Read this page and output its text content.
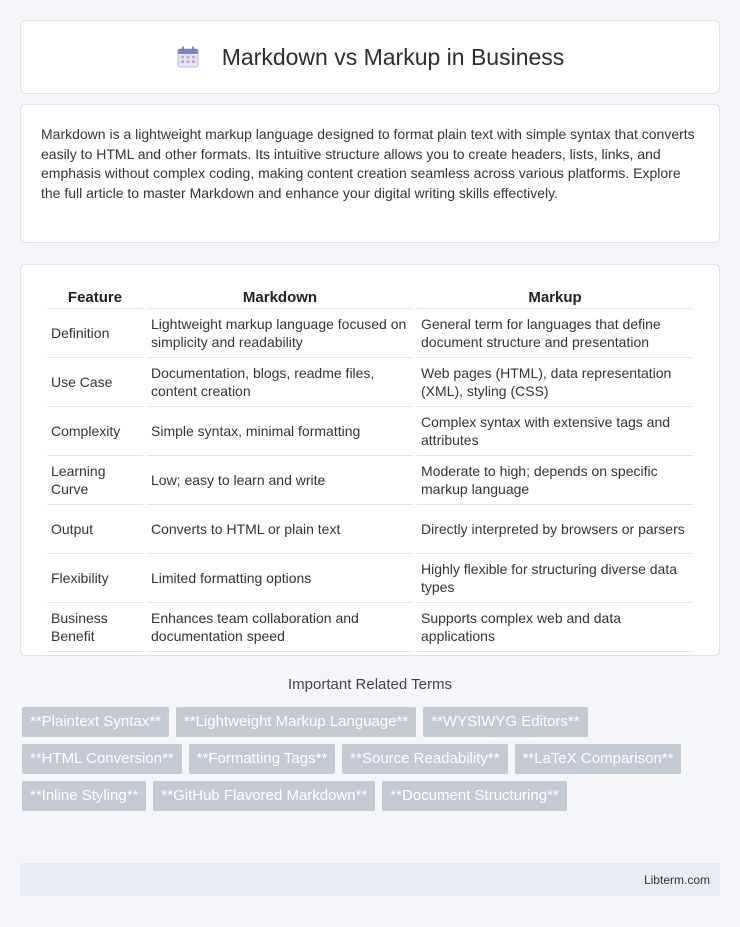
Markdown vs Markup in Business

Markdown is a lightweight markup language designed to format plain text with simple syntax that converts easily to HTML and other formats. Its intuitive structure allows you to create headers, lists, links, and emphasis without complex coding, making content creation seamless across various platforms. Explore the full article to master Markdown and enhance your digital writing skills effectively.

Feature	Markdown	Markup
Definition	Lightweight markup language focused on simplicity and readability	General term for languages that define document structure and presentation
Use Case	Documentation, blogs, readme files, content creation	Web pages (HTML), data representation (XML), styling (CSS)
Complexity	Simple syntax, minimal formatting	Complex syntax with extensive tags and attributes
Learning Curve	Low; easy to learn and write	Moderate to high; depends on specific markup language
Output	Converts to HTML or plain text	Directly interpreted by browsers or parsers
Flexibility	Limited formatting options	Highly flexible for structuring diverse data types
Business Benefit	Enhances team collaboration and documentation speed	Supports complex web and data applications
Important Related Terms
**Plaintext Syntax**	**Lightweight Markup Language**	**WYSIWYG Editors**
**HTML Conversion**	**Formatting Tags**	**Source Readability**	**LaTeX Comparison**
**Inline Styling**	**GitHub Flavored Markdown**	**Document Structuring**
Libterm.com
